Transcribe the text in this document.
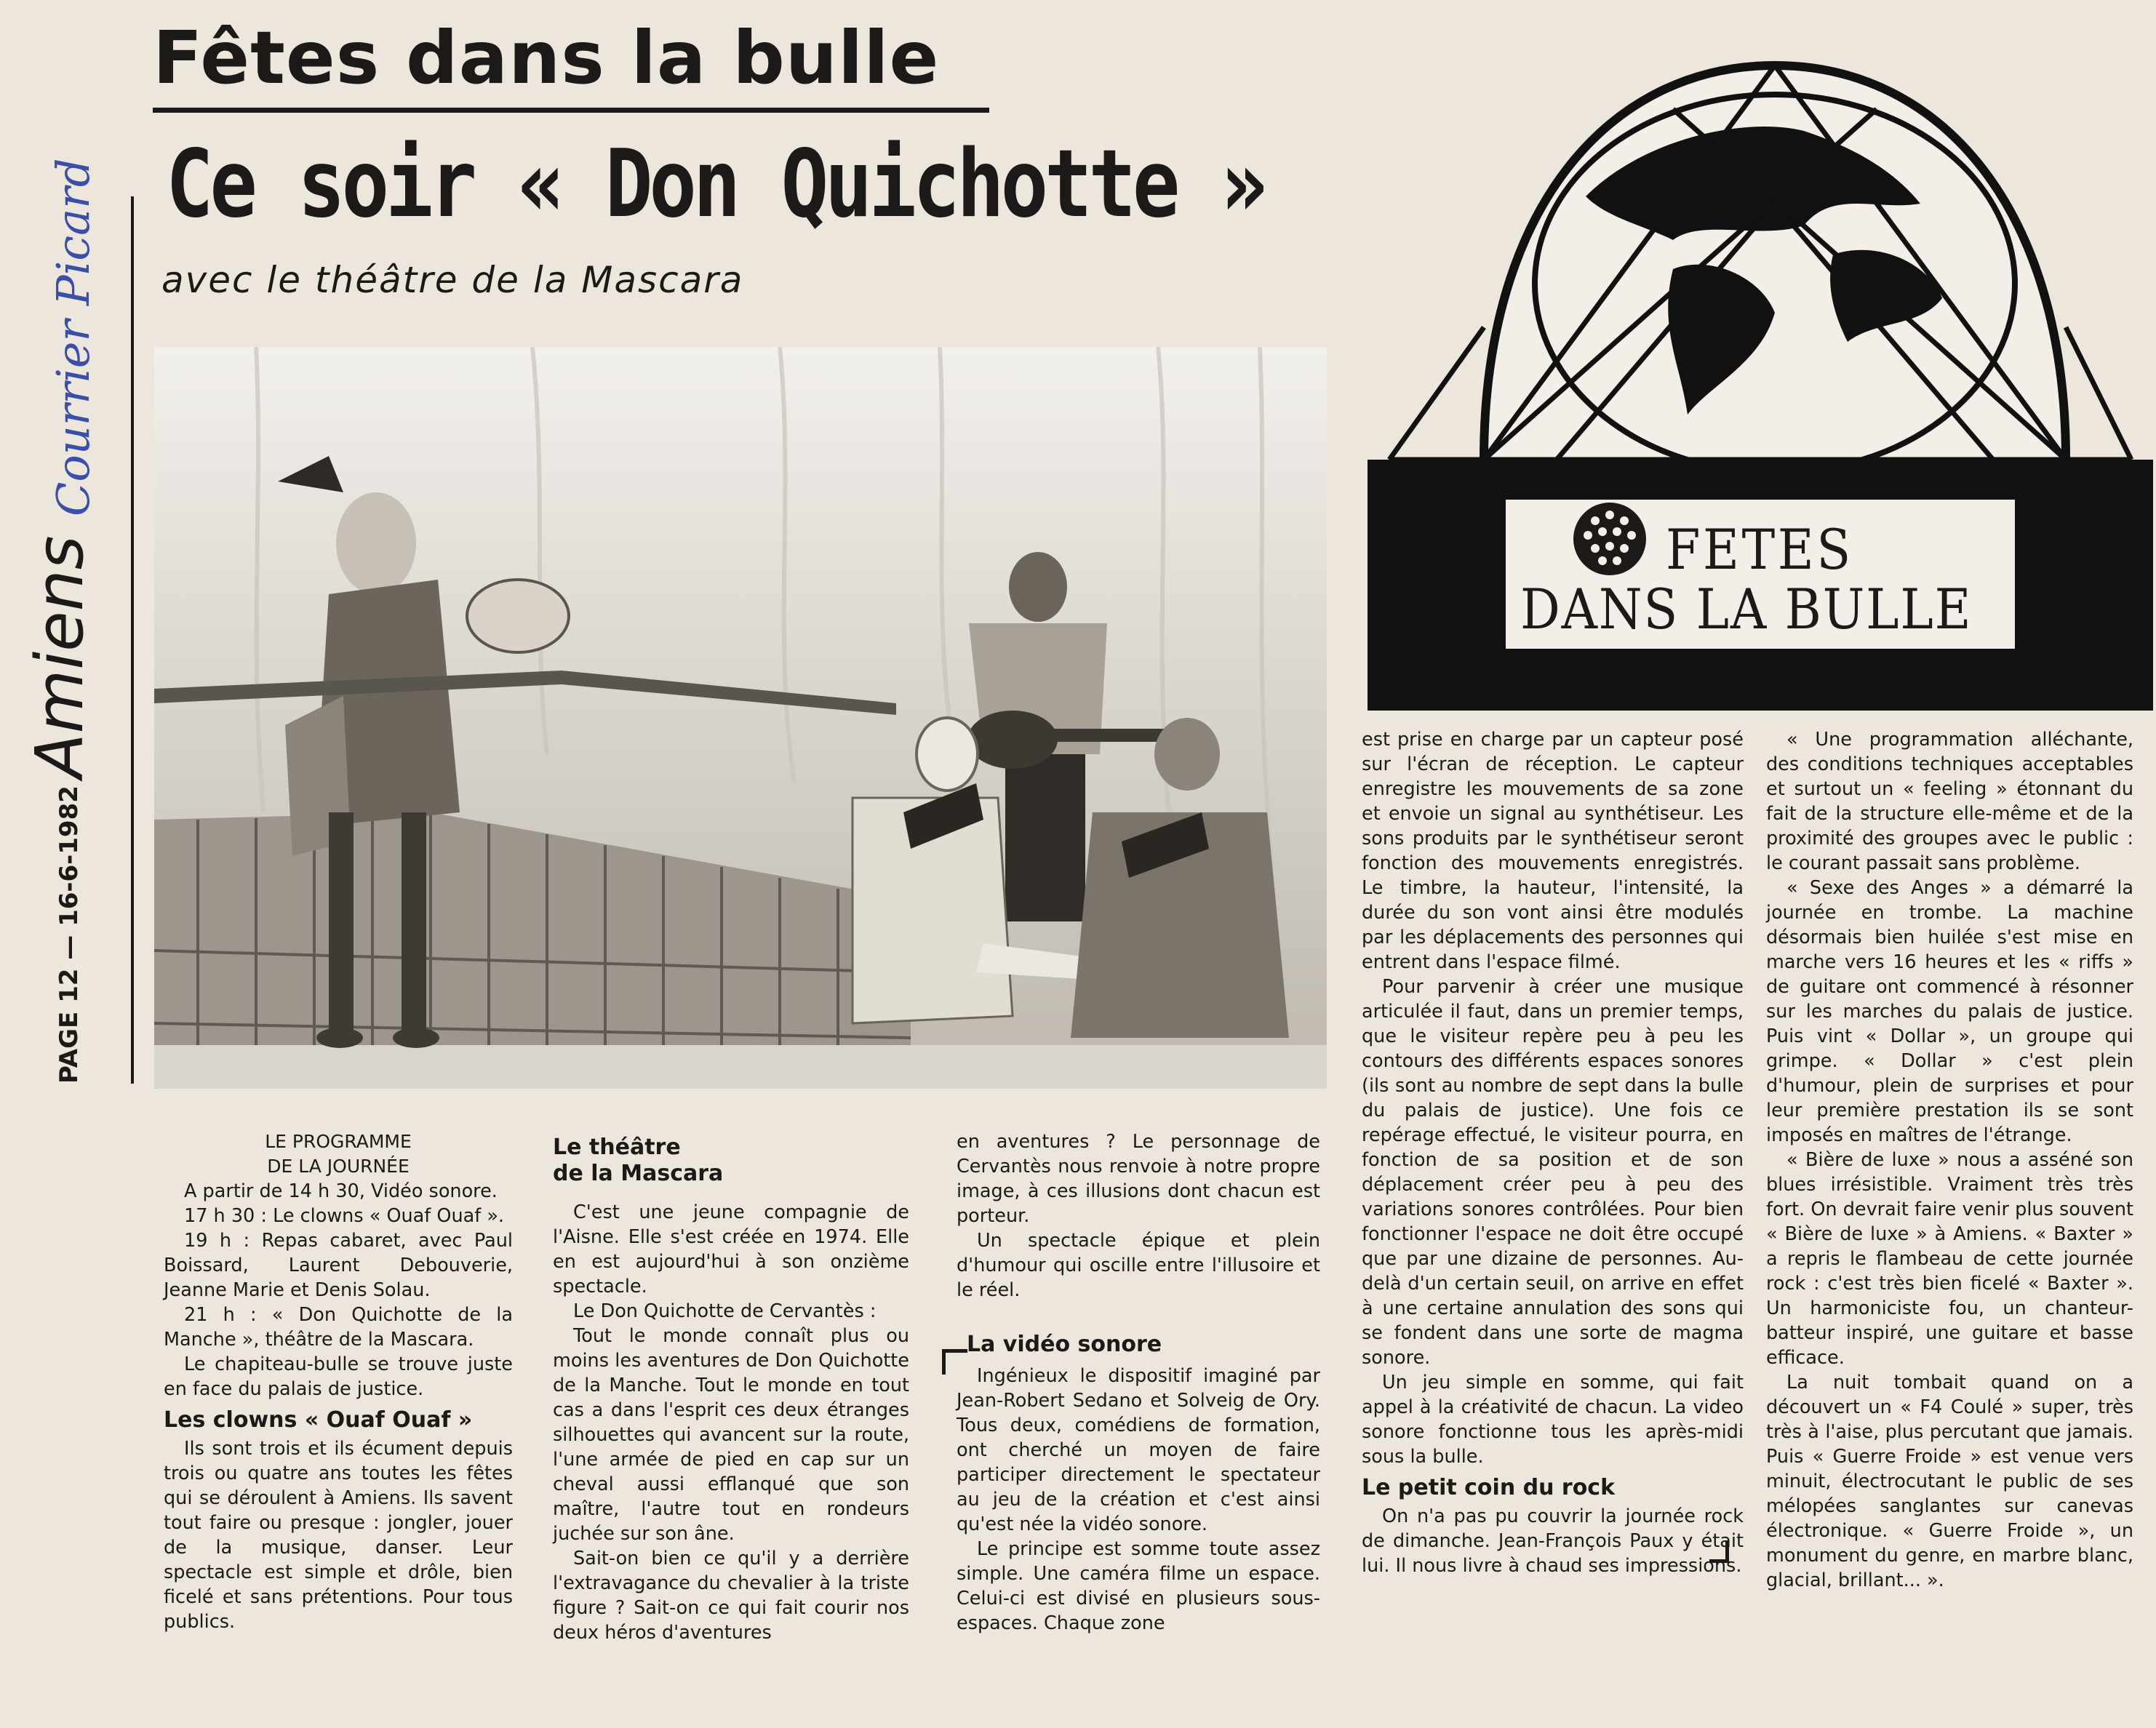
Fêtes dans la bulle
Ce soir « Don Quichotte »
avec le théâtre de la Mascara
PAGE 12 — 16-6-1982
Amiens
Courrier Picard
FETES
DANS LA BULLE

LE PROGRAMME

DE LA JOURNÉE

A partir de 14 h 30, Vidéo sonore.

17 h 30 : Le clowns « Ouaf Ouaf ».

19 h : Repas cabaret, avec Paul Boissard, Laurent Debouverie, Jeanne Marie et Denis Solau.

21 h : « Don Quichotte de la Manche », théâtre de la Mascara.

Le chapiteau-bulle se trouve juste en face du palais de justice.

Les clowns « Ouaf Ouaf »

Ils sont trois et ils écument depuis trois ou quatre ans toutes les fêtes qui se déroulent à Amiens. Ils savent tout faire ou presque : jongler, jouer de la musique, danser. Leur spectacle est simple et drôle, bien ficelé et sans prétentions. Pour tous publics.

Le théâtre
de la Mascara

C'est une jeune compagnie de l'Aisne. Elle s'est créée en 1974. Elle en est aujourd'hui à son onzième spectacle.

Le Don Quichotte de Cervantès :

Tout le monde connaît plus ou moins les aventures de Don Quichotte de la Manche. Tout le monde en tout cas a dans l'esprit ces deux étranges silhouettes qui avancent sur la route, l'une armée de pied en cap sur un cheval aussi efflanqué que son maître, l'autre tout en rondeurs juchée sur son âne.

Sait-on bien ce qu'il y a derrière l'extravagance du chevalier à la triste figure ? Sait-on ce qui fait courir nos deux héros d'aventures

en aventures ? Le personnage de Cervantès nous renvoie à notre propre image, à ces illusions dont chacun est porteur.

Un spectacle épique et plein d'humour qui oscille entre l'illusoire et le réel.

La vidéo sonore

Ingénieux le dispositif imaginé par Jean-Robert Sedano et Solveig de Ory. Tous deux, comédiens de formation, ont cherché un moyen de faire participer directement le spectateur au jeu de la création et c'est ainsi qu'est née la vidéo sonore.

Le principe est somme toute assez simple. Une caméra filme un espace. Celui-ci est divisé en plusieurs sous-espaces. Chaque zone

est prise en charge par un capteur posé sur l'écran de réception. Le capteur enregistre les mouvements de sa zone et envoie un signal au synthétiseur. Les sons produits par le synthétiseur seront fonction des mouvements enregistrés. Le timbre, la hauteur, l'intensité, la durée du son vont ainsi être modulés par les déplacements des personnes qui entrent dans l'espace filmé.

Pour parvenir à créer une musique articulée il faut, dans un premier temps, que le visiteur repère peu à peu les contours des différents espaces sonores (ils sont au nombre de sept dans la bulle du palais de justice). Une fois ce repérage effectué, le visiteur pourra, en fonction de sa position et de son déplacement créer peu à peu des variations sonores contrôlées. Pour bien fonctionner l'espace ne doit être occupé que par une dizaine de personnes. Au-delà d'un certain seuil, on arrive en effet à une certaine annulation des sons qui se fondent dans une sorte de magma sonore.

Un jeu simple en somme, qui fait appel à la créativité de chacun. La video sonore fonctionne tous les après-midi sous la bulle.

Le petit coin du rock

On n'a pas pu couvrir la journée rock de dimanche. Jean-François Paux y était lui. Il nous livre à chaud ses impressions.

« Une programmation alléchante, des conditions techniques acceptables et surtout un « feeling » étonnant du fait de la structure elle-même et de la proximité des groupes avec le public : le courant passait sans problème.

« Sexe des Anges » a démarré la journée en trombe. La machine désormais bien huilée s'est mise en marche vers 16 heures et les « riffs » de guitare ont commencé à résonner sur les marches du palais de justice. Puis vint « Dollar », un groupe qui grimpe. « Dollar » c'est plein d'humour, plein de surprises et pour leur première prestation ils se sont imposés en maîtres de l'étrange.

« Bière de luxe » nous a asséné son blues irrésistible. Vraiment très très fort. On devrait faire venir plus souvent « Bière de luxe » à Amiens. « Baxter » a repris le flambeau de cette journée rock : c'est très bien ficelé « Baxter ». Un harmoniciste fou, un chanteur-batteur inspiré, une guitare et basse efficace.

La nuit tombait quand on a découvert un « F4 Coulé » super, très très à l'aise, plus percutant que jamais. Puis « Guerre Froide » est venue vers minuit, électrocutant le public de ses mélopées sanglantes sur canevas électronique. « Guerre Froide », un monument du genre, en marbre blanc, glacial, brillant... ».
